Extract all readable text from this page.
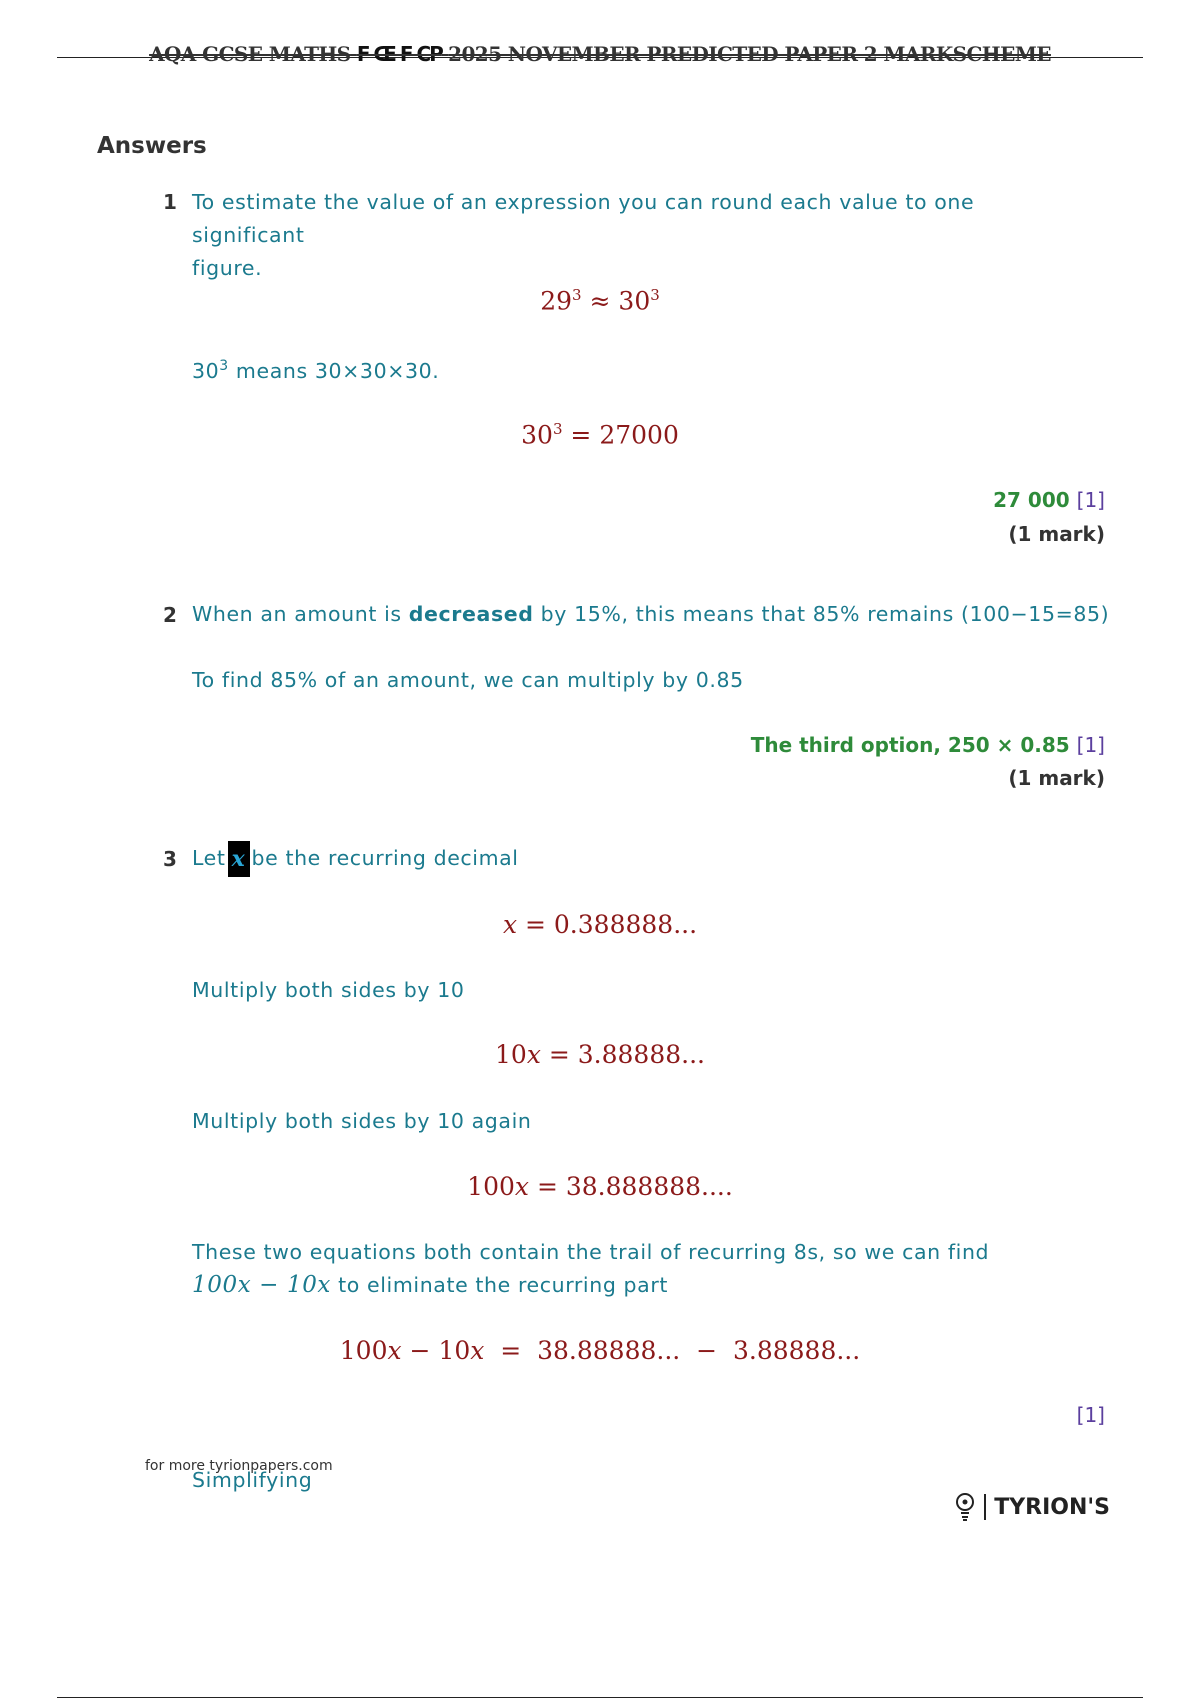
AQA GCSE MATHS F Œ F CP 2025 NOVEMBER PREDICTED PAPER 2 MARKSCHEME
Answers
1 To estimate the value of an expression you can round each value to one significant
figure.
$29^3 \approx 30^3$
$30^3$ means 30×30×30.
$30^3 = 27000$
27 000 [1]
(1 mark)
2 When an amount is decreased by 15%, this means that 85% remains (100−15=85)
To find 85% of an amount, we can multiply by 0.85
The third option, 250 × 0.85 [1]
(1 mark)
3 Let x be the recurring decimal
x = 0.388888...
Multiply both sides by 10
10x = 3.88888...
Multiply both sides by 10 again
100x = 38.888888....
These two equations both contain the trail of recurring 8s, so we can find
100x − 10x to eliminate the recurring part
100x − 10x  =  38.88888...  −  3.88888...
[1]
Simplifying
for more tyrionpapers.com
TYRION'S
